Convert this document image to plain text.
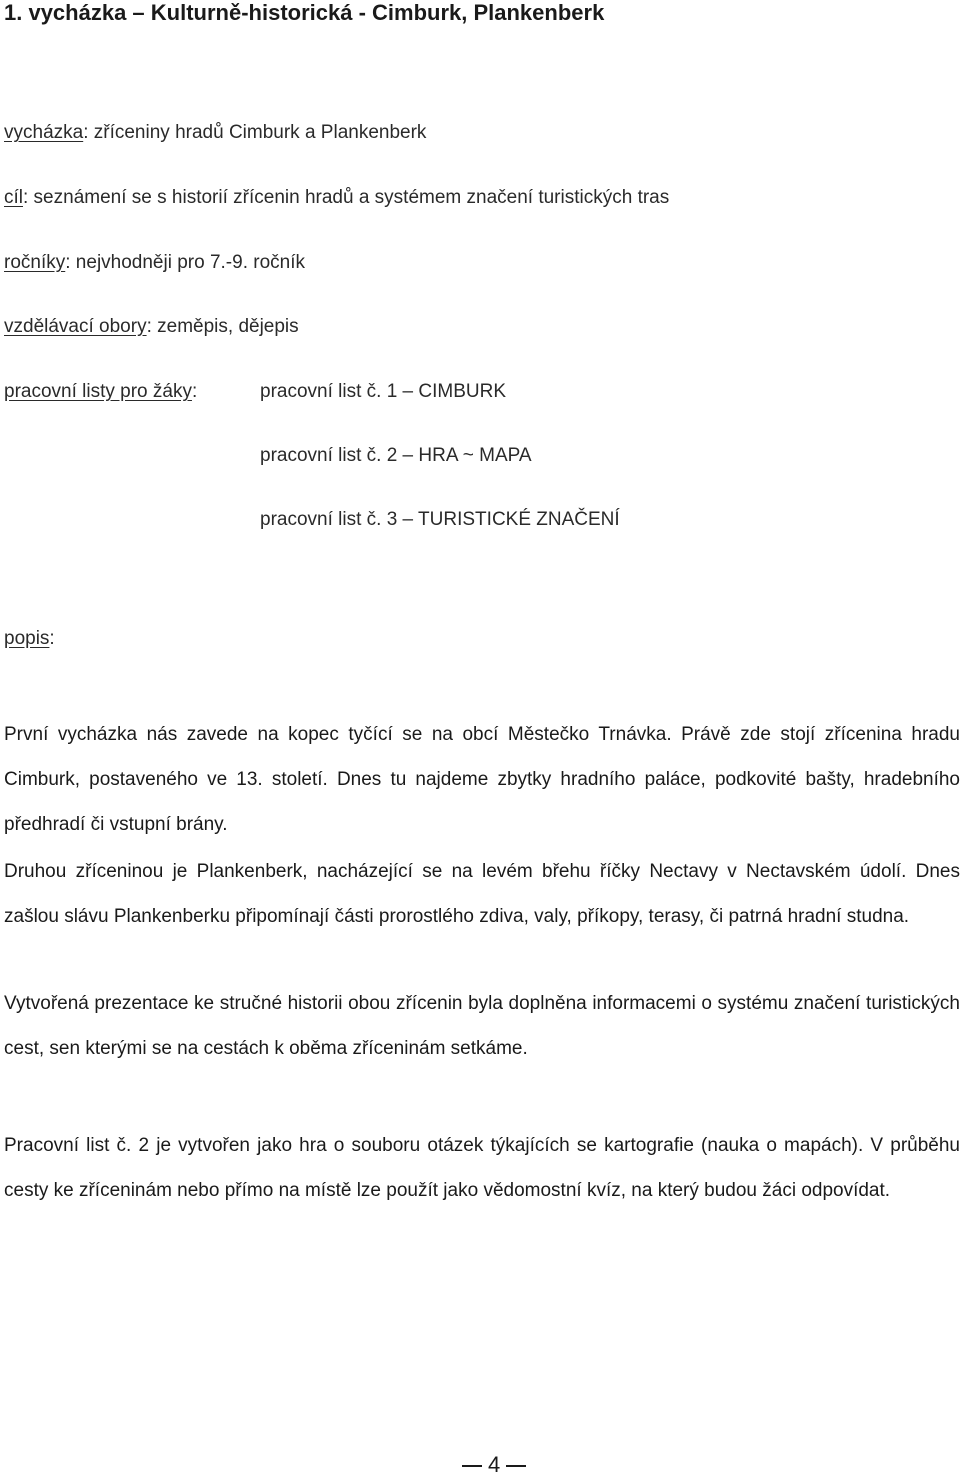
1. vycházka – Kulturně-historická - Cimburk, Plankenberk
vycházka: zříceniny hradů Cimburk a Plankenberk
cíl: seznámení se s historií zřícenin hradů a systémem značení turistických tras
ročníky: nejvhodněji pro 7.-9. ročník
vzdělávací obory: zeměpis, dějepis
pracovní listy pro žáky:	pracovní list č. 1 – CIMBURK
pracovní list č. 2 – HRA ~ MAPA
pracovní list č. 3 – TURISTICKÉ ZNAČENÍ
popis:

První vycházka nás zavede na kopec tyčící se na obcí Městečko Trnávka. Právě zde stojí zřícenina hradu Cimburk, postaveného ve 13. století. Dnes tu najdeme zbytky hradního paláce, podkovité bašty, hradebního předhradí či vstupní brány.

Druhou zříceninou je Plankenberk, nacházející se na levém břehu říčky Nectavy v Nectavském údolí. Dnes zašlou slávu Plankenberku připomínají části prorostlého zdiva, valy, příkopy, terasy, či patrná hradní studna.

Vytvořená prezentace ke stručné historii obou zřícenin byla doplněna informacemi o systému značení turistických cest, sen kterými se na cestách k oběma zříceninám setkáme.

Pracovní list č. 2 je vytvořen jako hra o souboru otázek týkajících se kartografie (nauka o mapách). V průběhu cesty ke zříceninám nebo přímo na místě lze použít jako vědomostní kvíz, na který budou žáci odpovídat.

4
